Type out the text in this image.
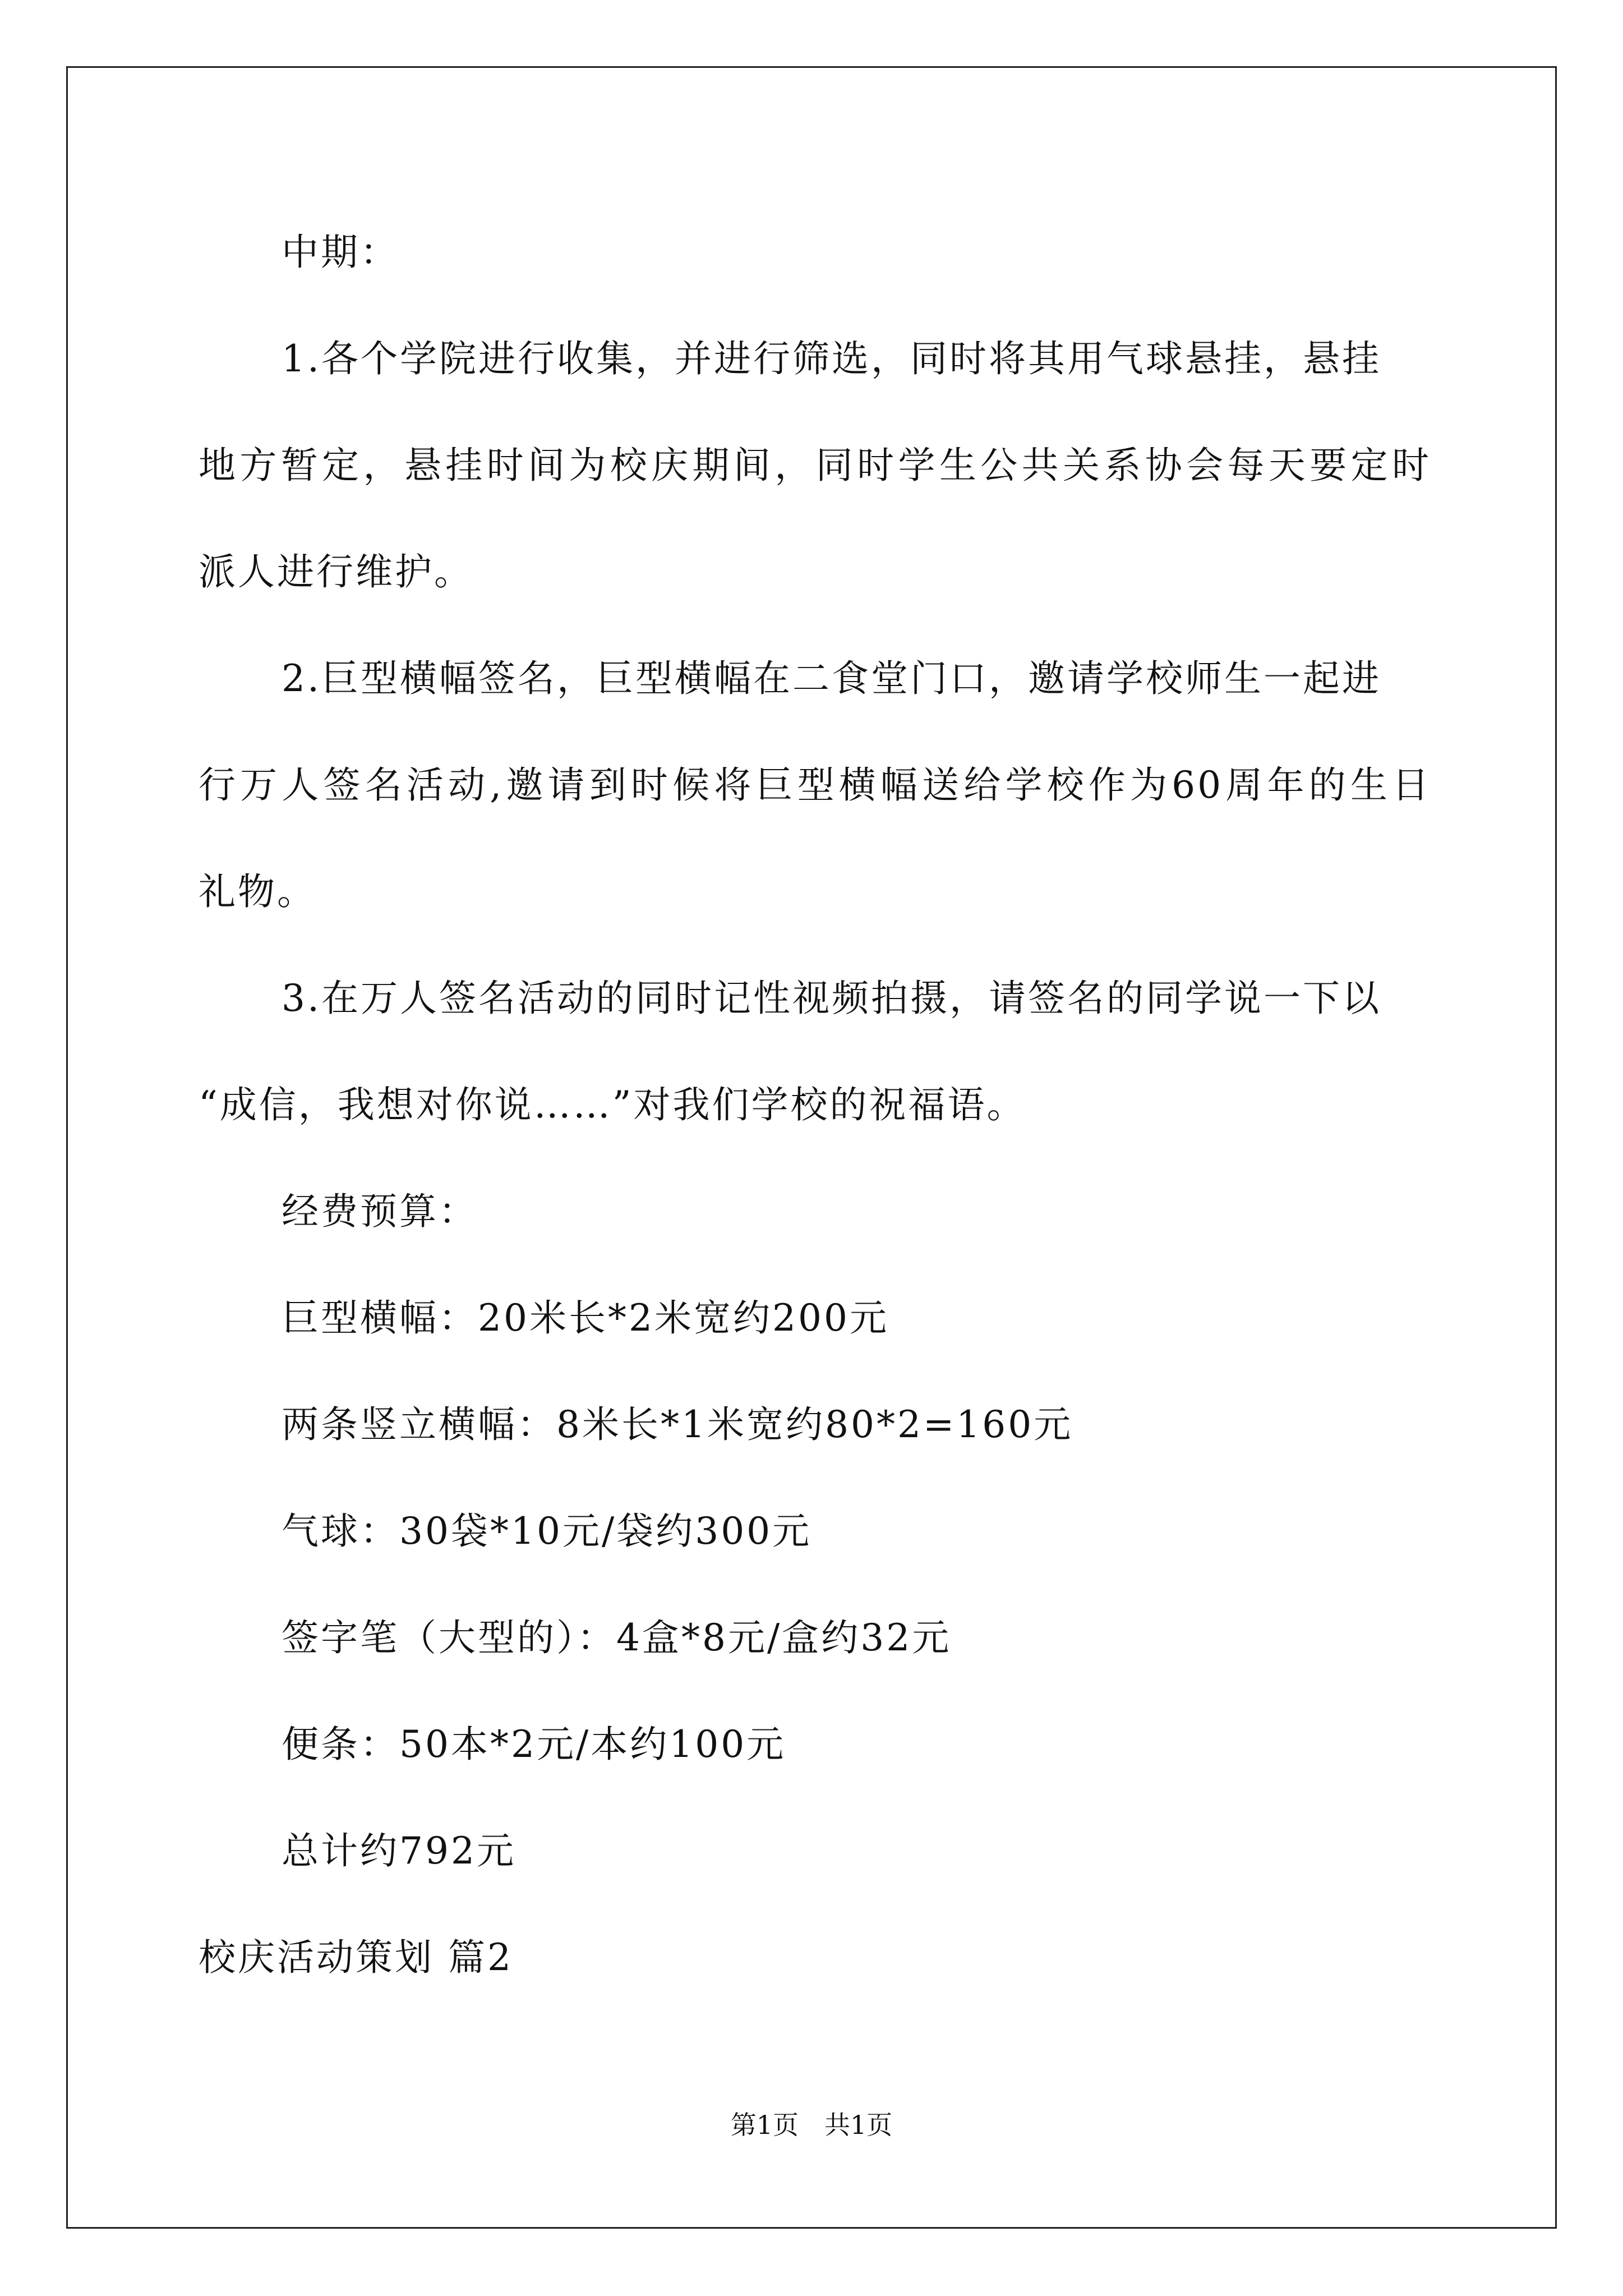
中期：
1.各个学院进行收集，并进行筛选，同时将其用气球悬挂，悬挂
地方暂定，悬挂时间为校庆期间，同时学生公共关系协会每天要定时
派人进行维护。
2.巨型横幅签名，巨型横幅在二食堂门口，邀请学校师生一起进
行万人签名活动,邀请到时候将巨型横幅送给学校作为60周年的生日
礼物。
3.在万人签名活动的同时记性视频拍摄，请签名的同学说一下以
“成信，我想对你说……”对我们学校的祝福语。
经费预算：
巨型横幅：20米长*2米宽约200元
两条竖立横幅：8米长*1米宽约80*2=160元
气球：30袋*10元/袋约300元
签字笔（大型的）：4盒*8元/盒约32元
便条：50本*2元/本约100元
总计约792元
校庆活动策划 篇2
第1页　共1页
